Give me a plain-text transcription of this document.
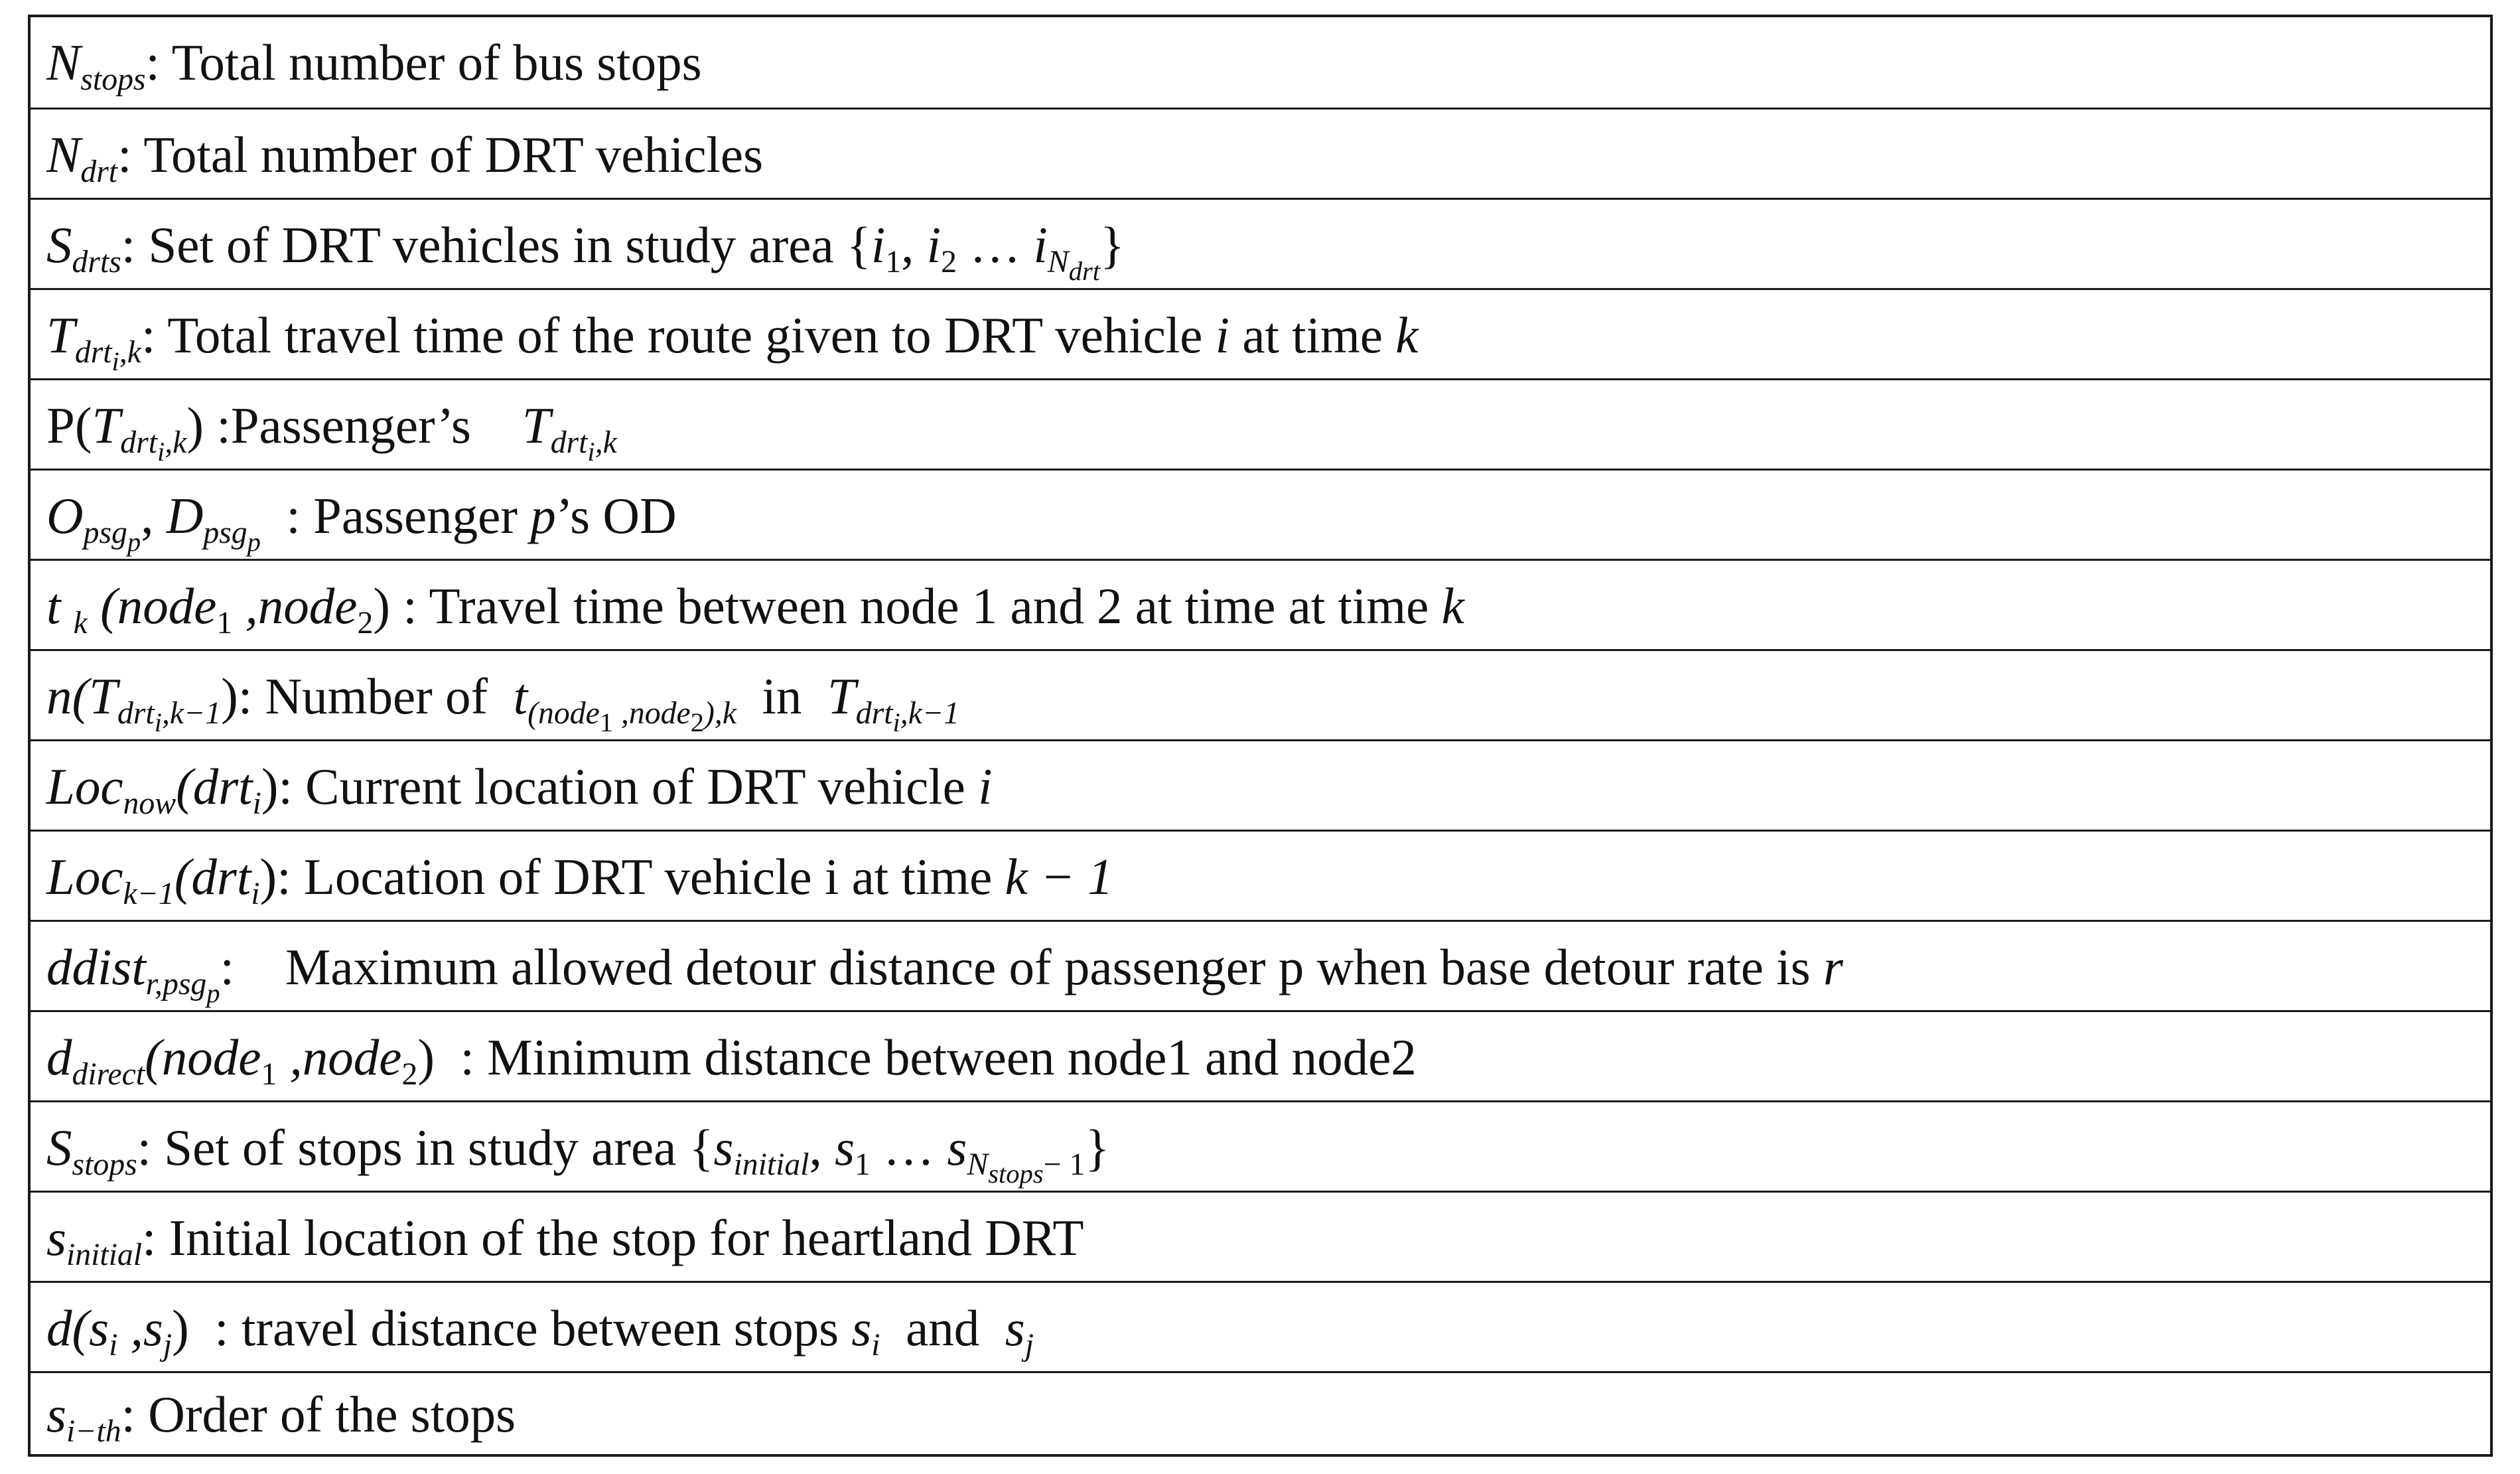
$N_{stops}$: Total number of bus stops
$N_{drt}$: Total number of DRT vehicles
$S_{drts}$: Set of DRT vehicles in study area {$i_1$, $i_2$ … $i_{N_{drt}}$}
$T_{drt_i,k}$: Total travel time of the route given to DRT vehicle i at time k
$P(T_{drt_i,k})$ :Passenger’s    $T_{drt_i,k}$
$O_{psg_p}$, $D_{psg_p}$  : Passenger p’s OD
t $_k$ (node$_1$ ,node$_2$) : Travel time between node 1 and 2 at time at time k
$n(T_{drt_i,k-1})$: Number of  $t_{(node_1 ,node_2),k}$  in  $T_{drt_i,k-1}$
Loc$_{now}$(drt$_i$): Current location of DRT vehicle i
Loc$_{k-1}$(drt$_i$): Location of DRT vehicle i at time k − 1
ddist$_{r,psg_p}$:    Maximum allowed detour distance of passenger p when base detour rate is r
$d_{direct}(node_1$ ,node$_2$)  : Minimum distance between node1 and node2
$S_{stops}$: Set of stops in study area {$s_{initial}$, $s_1$ … $s_{N_{stops}- 1}$}
$s_{initial}$: Initial location of the stop for heartland DRT
$d(s_i$ $,s_j$)  : travel distance between stops $s_i$  and  $s_j$
$s_{i-th}$: Order of the stops
